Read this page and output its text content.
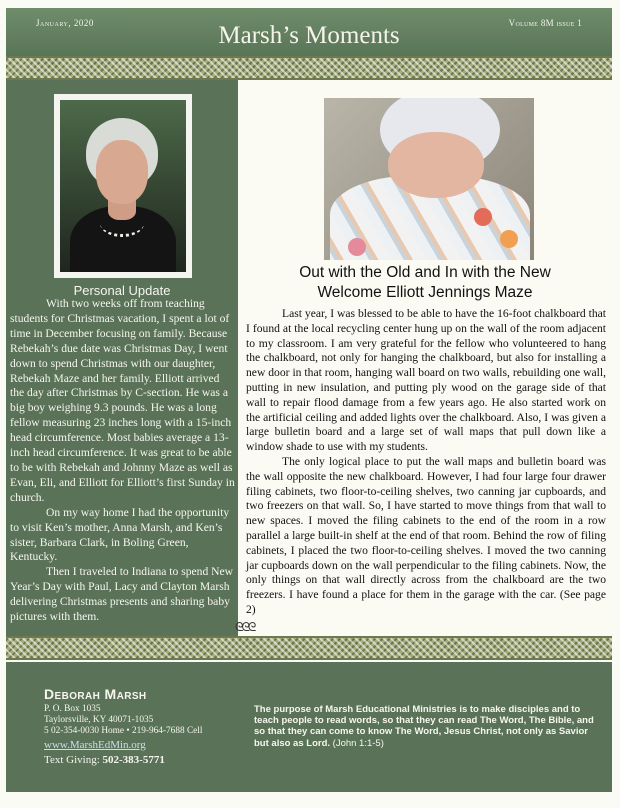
January, 2020	Marsh’s Moments	Volume 8M issue 1
Personal Update

With two weeks off from teaching students for Christmas vacation, I spent a lot of time in December focusing on family. Because Rebekah’s due date was Christmas Day, I went down to spend Christmas with our daughter, Rebekah Maze and her family. Elliott arrived the day after Christmas by C-section. He was a big boy weighing 9.3 pounds. He was a long fellow measuring 23 inches long with a 15-inch head circumference. Most babies average a 13-inch head circumference. It was great to be able to be with Rebekah and Johnny Maze as well as Evan, Eli, and Elliott for Elliott’s first Sunday in church.

On my way home I had the opportunity to visit Ken’s mother, Anna Marsh, and Ken’s sister, Barbara Clark, in Boling Green, Kentucky.

Then I traveled to Indiana to spend New Year’s Day with Paul, Lacy and Clayton Marsh delivering Christmas presents and sharing baby pictures with them.

Out with the Old and In with the New
Welcome Elliott Jennings Maze

Last year, I was blessed to be able to have the 16-foot chalkboard that I found at the local recycling center hung up on the wall of the room adjacent to my classroom. I am very grateful for the fellow who volunteered to hang the chalkboard, not only for hanging the chalkboard, but also for installing a new door in that room, hanging wall board on two walls, rebuilding one wall, putting in new insulation, and putting ply wood on the garage side of that wall to repair flood damage from a few years ago. He also started work on the artificial ceiling and added lights over the chalkboard. Also, I was given a large bulletin board and a large set of wall maps that pull down like a window shade to use with my students.

The only logical place to put the wall maps and bulletin board was the wall opposite the new chalkboard. However, I had four large four drawer filing cabinets, two floor-to-ceiling shelves, two canning jar cupboards, and two freezers on that wall. So, I have started to move things from that wall to new spaces. I moved the filing cabinets to the end of the room in a row parallel a large built-in shelf at the end of that room. Behind the row of filing cabinets, I placed the two floor-to-ceiling shelves. I moved the two canning jar cupboards down on the wall perpendicular to the filing cabinets. Now, the only things on that wall directly across from the chalkboard are the two freezers. I have found a place for them in the garage with the car. (See page 2)

ᘓᘓᘓ
Deborah Marsh
P. O. Box 1035
Taylorsville, KY 40071-1035
5 02-354-0030 Home • 219-964-7688 Cell
www.MarshEdMin.org
Text Giving: 502-383-5771
The purpose of Marsh Educational Ministries is to make disciples and to teach people to read words, so that they can read The Word, The Bible, and so that they can come to know The Word, Jesus Christ, not only as Savior but also as Lord. (John 1:1-5)
